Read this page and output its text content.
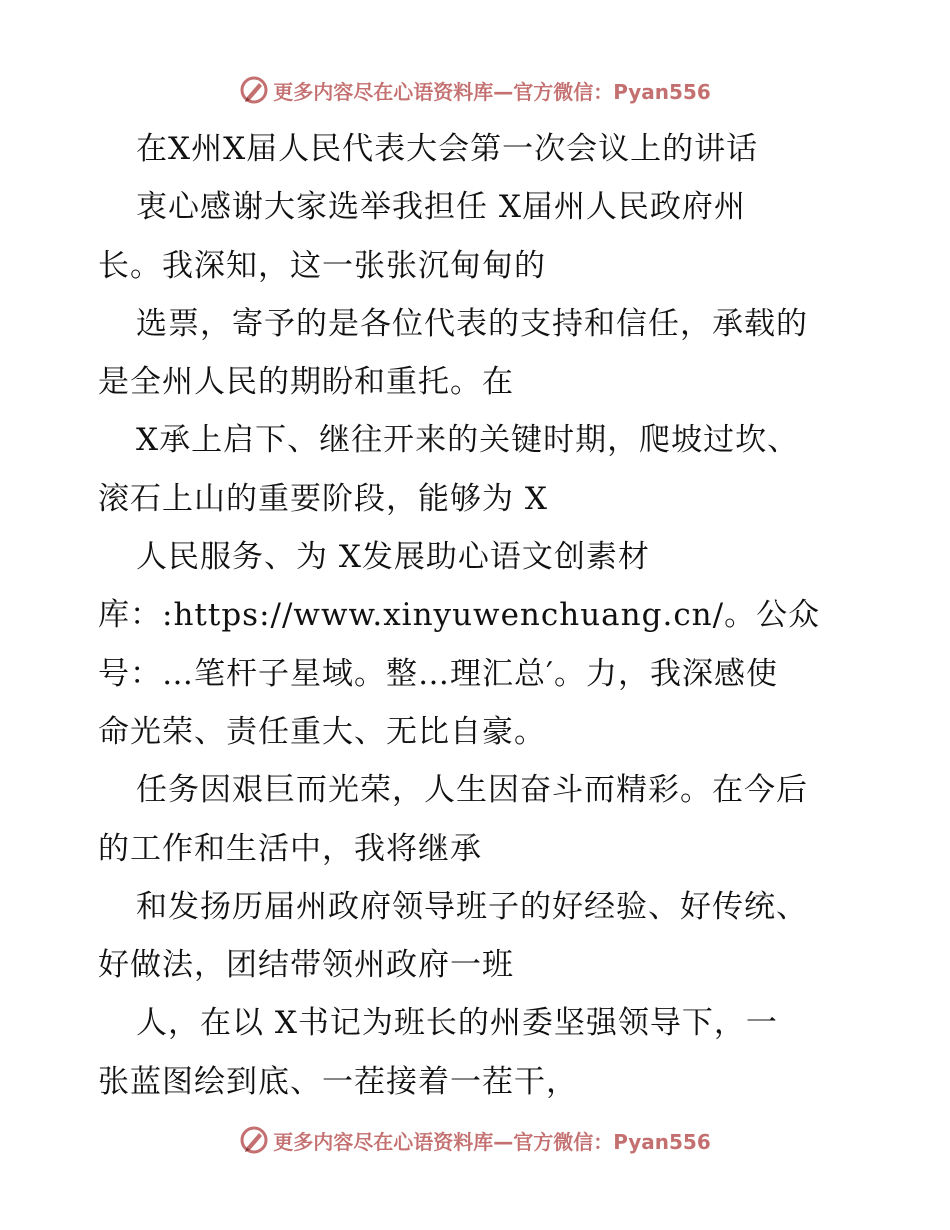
更多内容尽在心语资料库—官方微信：Pyan556
在X州X届人民代表大会第一次会议上的讲话
衷心感谢大家选举我担任 X届州人民政府州
长。我深知，这一张张沉甸甸的
选票，寄予的是各位代表的支持和信任，承载的
是全州人民的期盼和重托。在
X承上启下、继往开来的关键时期，爬坡过坎、
滚石上山的重要阶段，能够为 X
人民服务、为 X发展助心语文创素材
库：:https://www.xinyuwenchuang.cn/。公众
号：…笔杆子星域。整…理汇总′。力，我深感使
命光荣、责任重大、无比自豪。
任务因艰巨而光荣，人生因奋斗而精彩。在今后
的工作和生活中，我将继承
和发扬历届州政府领导班子的好经验、好传统、
好做法，团结带领州政府一班
人，在以 X书记为班长的州委坚强领导下，一
张蓝图绘到底、一茬接着一茬干，
更多内容尽在心语资料库—官方微信：Pyan556
